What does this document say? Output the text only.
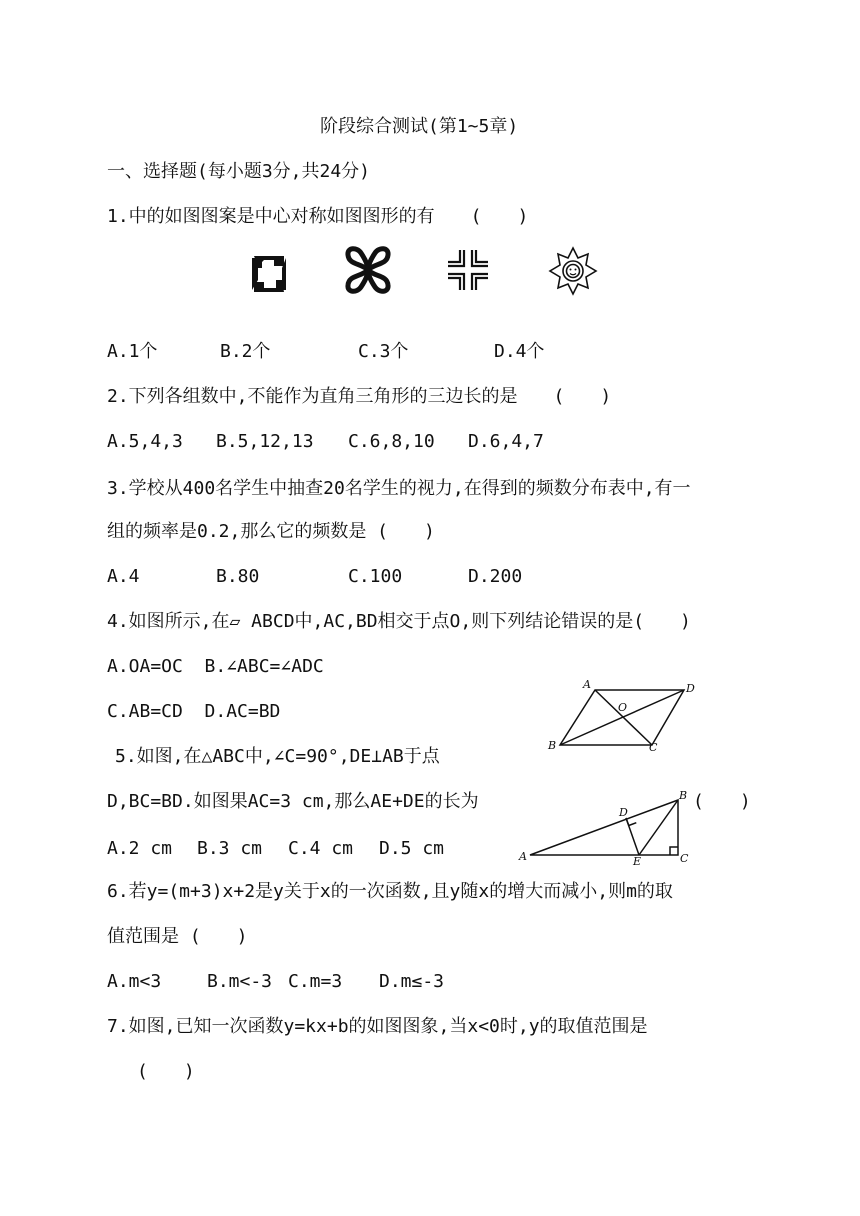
阶段综合测试(第1~5章)
一、选择题(每小题3分,共24分)
1.中的如图图案是中心对称如图图形的有　　(　　)
A.1个	B.2个	C.3个	D.4个
2.下列各组数中,不能作为直角三角形的三边长的是　　(　　)
A.5,4,3 B.5,12,13 C.6,8,10 D.6,4,7
3.学校从400名学生中抽查20名学生的视力,在得到的频数分布表中,有一
组的频率是0.2,那么它的频数是 (　　)
A.4	B.80	C.100	D.200
4.如图所示,在▱ ABCD中,AC,BD相交于点O,则下列结论错误的是(　　)
A.OA=OC  B.∠ABC=∠ADC
C.AB=CD  D.AC=BD
A	D
O
B	C
5.如图,在△ABC中,∠C=90°,DE⊥AB于点
D,BC=BD.如图果AC=3 cm,那么AE+DE的长为	(　　)
A.2 cm B.3 cm C.4 cm D.5 cm	A
B
C
D
E
6.若y=(m+3)x+2是y关于x的一次函数,且y随x的增大而减小,则m的取
值范围是 (　　)
A.m<3	B.m<-3 C.m=3 D.m≤-3
7.如图,已知一次函数y=kx+b的如图图象,当x<0时,y的取值范围是
(　　)
